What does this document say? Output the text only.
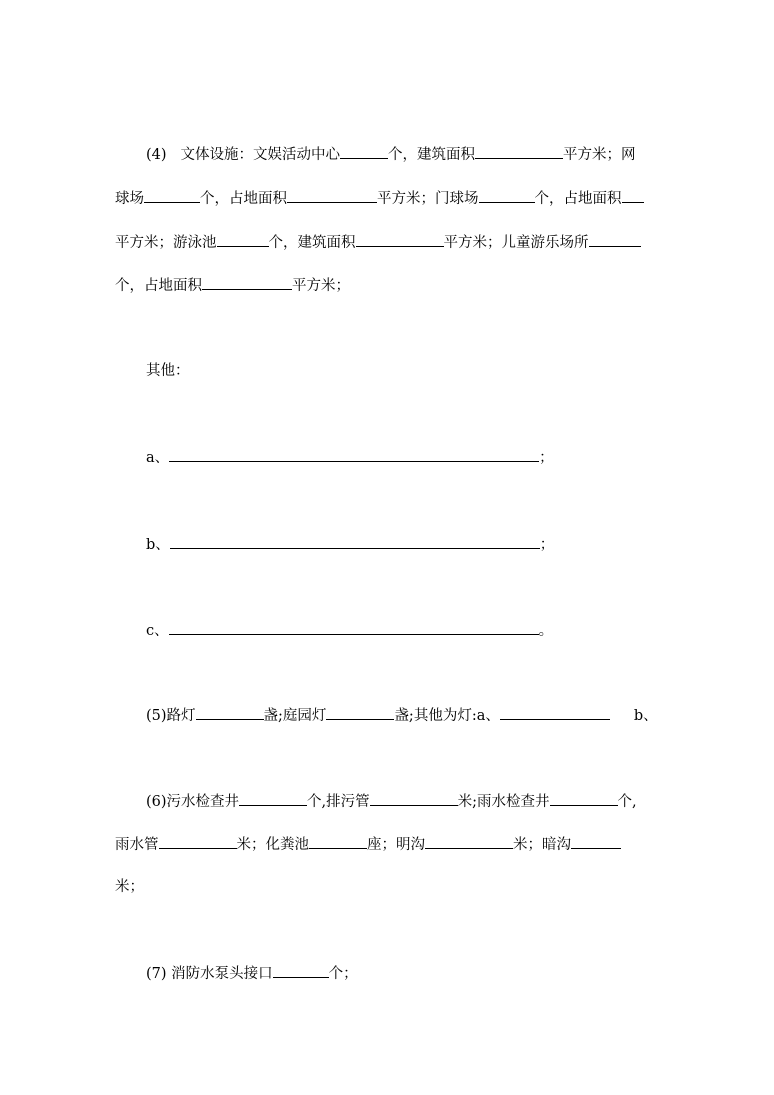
(4) 文体设施：文娱活动中心	个，建筑面积	平方米；网
球场	个，占地面积	平方米；门球场	个，占地面积
平方米；游泳池	个，建筑面积	平方米；儿童游乐场所
个，占地面积	平方米；
其他：
a、	；
b、	；
c、	。
(5)路灯	盏;庭园灯	盏;其他为灯:a、	b、
(6)污水检查井	个,排污管	米;雨水检查井	个,
雨水管	米；化粪池	座；明沟	米；暗沟
米；
(7) 消防水泵头接口	个；
